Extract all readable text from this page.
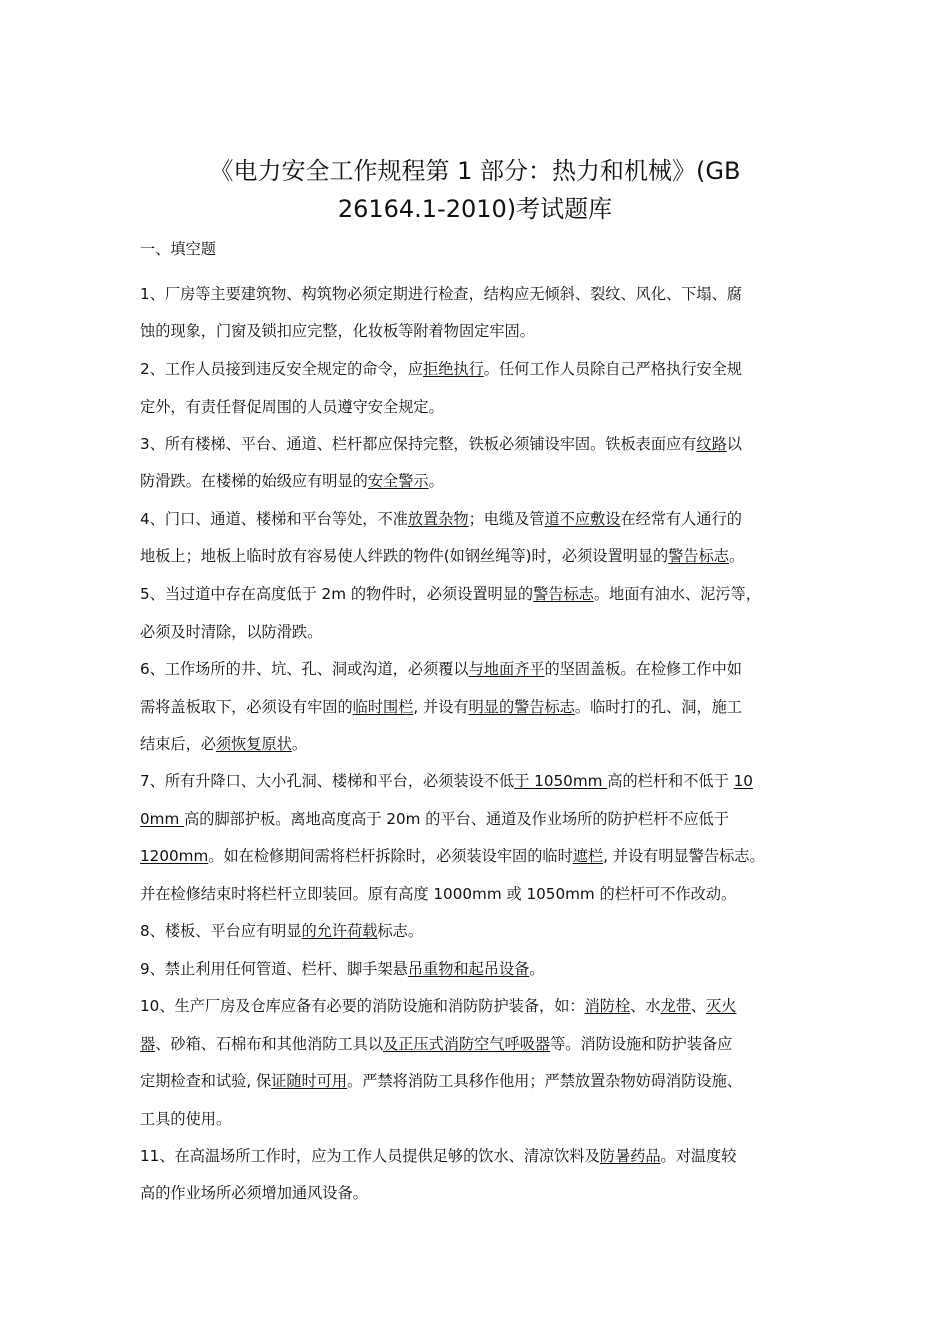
《电力安全工作规程第 1 部分：热力和机械》(GB
26164.1-2010)考试题库
一、填空题
1、厂房等主要建筑物、构筑物必须定期进行检查，结构应无倾斜、裂纹、风化、下塌、腐
蚀的现象，门窗及锁扣应完整，化妆板等附着物固定牢固。
2、工作人员接到违反安全规定的命令，应拒绝执行。任何工作人员除自己严格执行安全规
定外，有责任督促周围的人员遵守安全规定。
3、所有楼梯、平台、通道、栏杆都应保持完整，铁板必须铺设牢固。铁板表面应有纹路以
防滑跌。在楼梯的始级应有明显的安全警示。
4、门口、通道、楼梯和平台等处，不准放置杂物；电缆及管道不应敷设在经常有人通行的
地板上；地板上临时放有容易使人绊跌的物件(如钢丝绳等)时，必须设置明显的警告标志。
5、当过道中存在高度低于 2m 的物件时，必须设置明显的警告标志。地面有油水、泥污等，
必须及时清除，以防滑跌。
6、工作场所的井、坑、孔、洞或沟道，必须覆以与地面齐平的坚固盖板。在检修工作中如
需将盖板取下，必须设有牢固的临时围栏, 并设有明显的警告标志。临时打的孔、洞，施工
结束后，必须恢复原状。
7、所有升降口、大小孔洞、楼梯和平台，必须装设不低于 1050mm 高的栏杆和不低于 10
0mm 高的脚部护板。离地高度高于 20m 的平台、通道及作业场所的防护栏杆不应低于
1200mm。如在检修期间需将栏杆拆除时，必须装设牢固的临时遮栏, 并设有明显警告标志。
并在检修结束时将栏杆立即装回。原有高度 1000mm 或 1050mm 的栏杆可不作改动。
8、楼板、平台应有明显的允许荷载标志。
9、禁止利用任何管道、栏杆、脚手架悬吊重物和起吊设备。
10、生产厂房及仓库应备有必要的消防设施和消防防护装备，如：消防栓、水龙带、灭火
器、砂箱、石棉布和其他消防工具以及正压式消防空气呼吸器等。消防设施和防护装备应
定期检查和试验, 保证随时可用。严禁将消防工具移作他用；严禁放置杂物妨碍消防设施、
工具的使用。
11、在高温场所工作时，应为工作人员提供足够的饮水、清凉饮料及防暑药品。对温度较
高的作业场所必须增加通风设备。
